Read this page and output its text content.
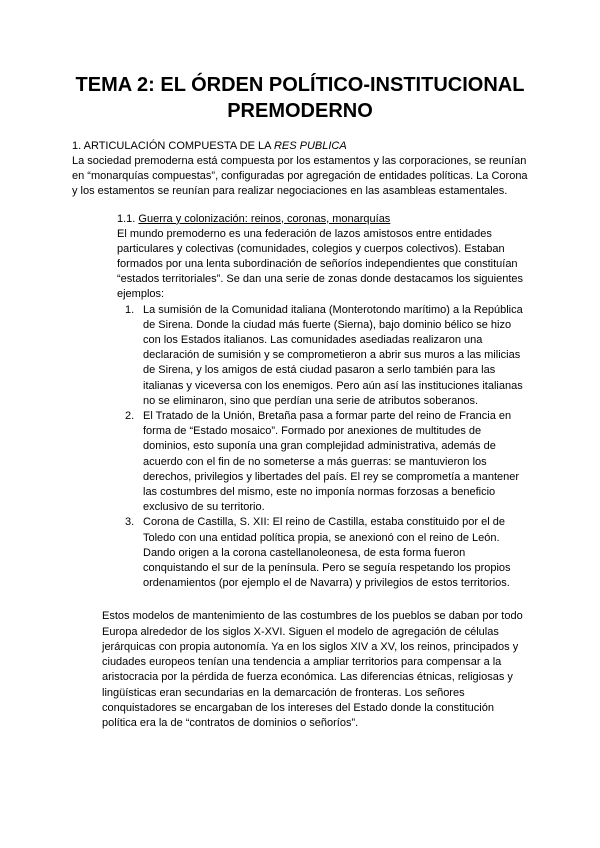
TEMA 2: EL ÓRDEN POLÍTICO-INSTITUCIONAL
PREMODERNO
1. ARTICULACIÓN COMPUESTA DE LA RES PUBLICA

La sociedad premoderna está compuesta por los estamentos y las corporaciones, se reunían en “monarquías compuestas”, configuradas por agregación de entidades políticas. La Corona y los estamentos se reunían para realizar negociaciones en las asambleas estamentales.

1.1. Guerra y colonización: reinos, coronas, monarquías

El mundo premoderno es una federación de lazos amistosos entre entidades particulares y colectivas (comunidades, colegios y cuerpos colectivos). Estaban formados por una lenta subordinación de señoríos independientes que constituían “estados territoriales”. Se dan una serie de zonas donde destacamos los siguientes ejemplos:

1. La sumisión de la Comunidad italiana (Monterotondo marítimo) a la República de Sirena. Donde la ciudad más fuerte (Sierna), bajo dominio bélico se hizo con los Estados italianos. Las comunidades asediadas realizaron una declaración de sumisión y se comprometieron a abrir sus muros a las milicias de Sirena, y los amigos de está ciudad pasaron a serlo también para las italianas y viceversa con los enemigos. Pero aún así las instituciones italianas no se eliminaron, sino que perdían una serie de atributos soberanos.
2. El Tratado de la Unión, Bretaña pasa a formar parte del reino de Francia en forma de “Estado mosaico”. Formado por anexiones de multitudes de dominios, esto suponía una gran complejidad administrativa, además de acuerdo con el fin de no someterse a más guerras: se mantuvieron los derechos, privilegios y libertades del país. El rey se comprometía a mantener las costumbres del mismo, este no imponía normas forzosas a beneficio exclusivo de su territorio.
3. Corona de Castilla, S. XII: El reino de Castilla, estaba constituido por el de Toledo con una entidad política propia, se anexionó con el reino de León. Dando origen a la corona castellanoleonesa, de esta forma fueron conquistando el sur de la península. Pero se seguía respetando los propios ordenamientos (por ejemplo el de Navarra) y privilegios de estos territorios.

Estos modelos de mantenimiento de las costumbres de los pueblos se daban por todo Europa alrededor de los siglos X-XVI. Siguen el modelo de agregación de células jerárquicas con propia autonomía. Ya en los siglos XIV a XV, los reinos, principados y ciudades europeos tenían una tendencia a ampliar territorios para compensar a la aristocracia por la pérdida de fuerza económica. Las diferencias étnicas, religiosas y lingüísticas eran secundarias en la demarcación de fronteras. Los señores conquistadores se encargaban de los intereses del Estado donde la constitución política era la de “contratos de dominios o señoríos”.
